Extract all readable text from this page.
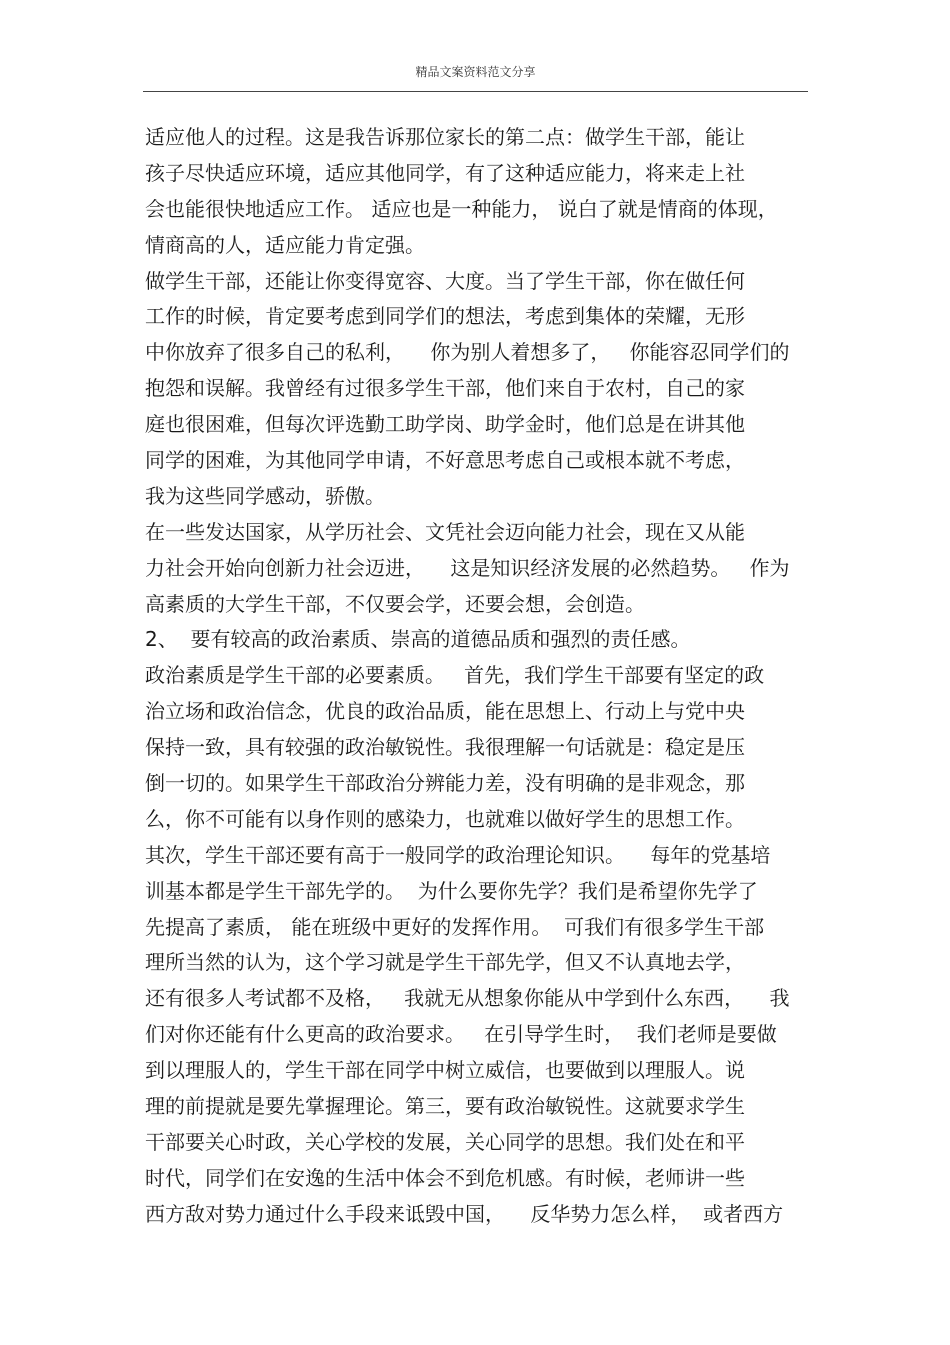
精品文案资料范文分享
适应他人的过程。这是我告诉那位家长的第二点：做学生干部，能让
孩子尽快适应环境，适应其他同学，有了这种适应能力，将来走上社
会也能很快地适应工作。 适应也是一种能力， 说白了就是情商的体现，
情商高的人，适应能力肯定强。
做学生干部，还能让你变得宽容、大度。当了学生干部，你在做任何
工作的时候，肯定要考虑到同学们的想法，考虑到集体的荣耀，无形
中你放弃了很多自己的私利，    你为别人着想多了，   你能容忍同学们的
抱怨和误解。我曾经有过很多学生干部，他们来自于农村，自己的家
庭也很困难，但每次评选勤工助学岗、助学金时，他们总是在讲其他
同学的困难，为其他同学申请，不好意思考虑自己或根本就不考虑，
我为这些同学感动，骄傲。
在一些发达国家，从学历社会、文凭社会迈向能力社会，现在又从能
力社会开始向创新力社会迈进，    这是知识经济发展的必然趋势。   作为
高素质的大学生干部，不仅要会学，还要会想，会创造。
2、  要有较高的政治素质、崇高的道德品质和强烈的责任感。
政治素质是学生干部的必要素质。   首先，我们学生干部要有坚定的政
治立场和政治信念，优良的政治品质，能在思想上、行动上与党中央
保持一致，具有较强的政治敏锐性。我很理解一句话就是：稳定是压
倒一切的。如果学生干部政治分辨能力差，没有明确的是非观念，那
么，你不可能有以身作则的感染力，也就难以做好学生的思想工作。
其次，学生干部还要有高于一般同学的政治理论知识。    每年的党基培
训基本都是学生干部先学的。  为什么要你先学？我们是希望你先学了
先提高了素质， 能在班级中更好的发挥作用。  可我们有很多学生干部
理所当然的认为，这个学习就是学生干部先学，但又不认真地去学，
还有很多人考试都不及格，   我就无从想象你能从中学到什么东西，    我
们对你还能有什么更高的政治要求。   在引导学生时，  我们老师是要做
到以理服人的，学生干部在同学中树立威信，也要做到以理服人。说
理的前提就是要先掌握理论。第三，要有政治敏锐性。这就要求学生
干部要关心时政，关心学校的发展，关心同学的思想。我们处在和平
时代，同学们在安逸的生活中体会不到危机感。有时候，老师讲一些
西方敌对势力通过什么手段来诋毁中国，    反华势力怎么样，  或者西方
